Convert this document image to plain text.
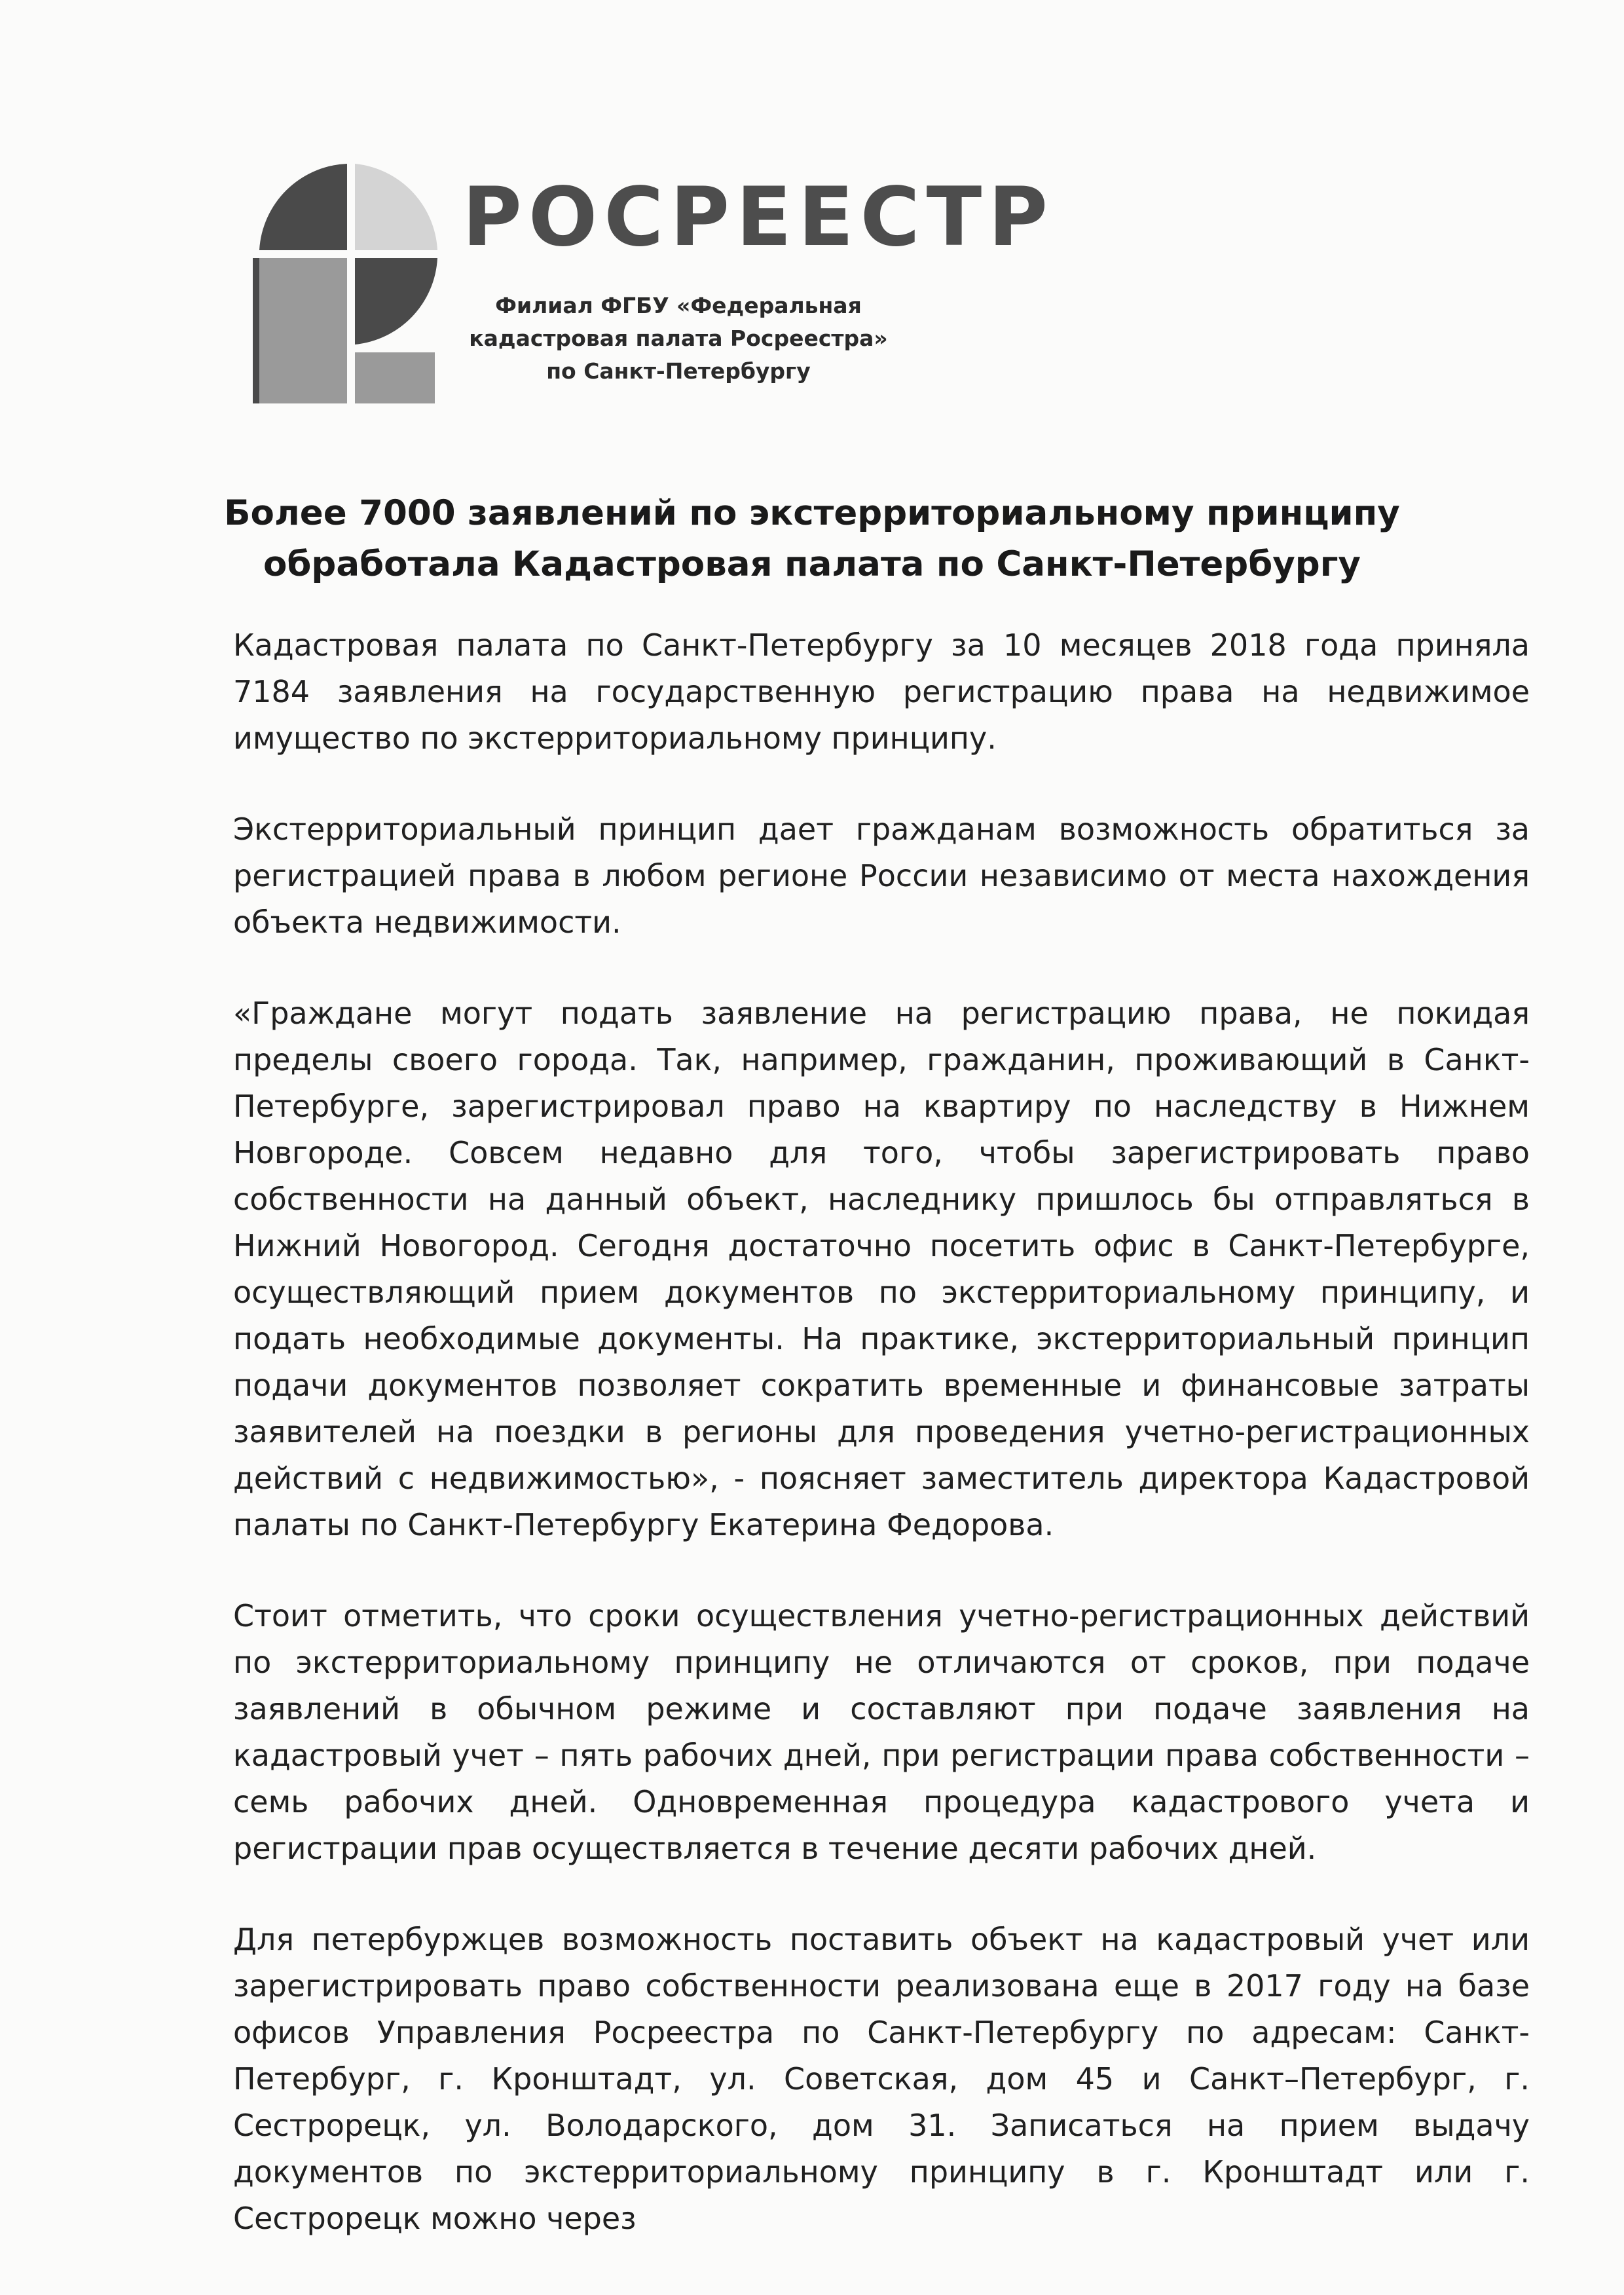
РОСРЕЕСТР
Филиал ФГБУ «Федеральная
кадастровая палата Росреестра»
по Санкт-Петербургу
Более 7000 заявлений по экстерриториальному принципу
обработала Кадастровая палата по Санкт-Петербургу

Кадастровая палата по Санкт-Петербургу за 10 месяцев 2018 года приняла 7184 заявления на государственную регистрацию права на недвижимое имущество по экстерриториальному принципу.

Экстерриториальный принцип дает гражданам возможность обратиться за регистрацией права в любом регионе России независимо от места нахождения объекта недвижимости.

«Граждане могут подать заявление на регистрацию права, не покидая пределы своего города. Так, например, гражданин, проживающий в Санкт-Петербурге, зарегистрировал право на квартиру по наследству в Нижнем Новгороде. Совсем недавно для того, чтобы зарегистрировать право собственности на данный объект, наследнику пришлось бы отправляться в Нижний Новогород. Сегодня достаточно посетить офис в Санкт-Петербурге, осуществляющий прием документов по экстерриториальному принципу, и подать необходимые документы. На практике, экстерриториальный принцип подачи документов позволяет сократить временные и финансовые затраты заявителей на поездки в регионы для проведения учетно-регистрационных действий с недвижимостью», - поясняет заместитель директора Кадастровой палаты по Санкт-Петербургу Екатерина Федорова.

Стоит отметить, что сроки осуществления учетно-регистрационных действий по экстерриториальному принципу не отличаются от сроков, при подаче заявлений в обычном режиме и составляют при подаче заявления на кадастровый учет – пять рабочих дней, при регистрации права собственности – семь рабочих дней. Одновременная процедура кадастрового учета и регистрации прав осуществляется в течение десяти рабочих дней.

Для петербуржцев возможность поставить объект на кадастровый учет или зарегистрировать право собственности реализована еще в 2017 году на базе офисов Управления Росреестра по Санкт-Петербургу по адресам: Санкт-Петербург, г. Кронштадт, ул. Советская, дом 45 и Санкт–Петербург, г. Сестрорецк, ул. Володарского, дом 31. Записаться на прием выдачу документов по экстерриториальному принципу в г. Кронштадт или г. Сестрорецк можно через
